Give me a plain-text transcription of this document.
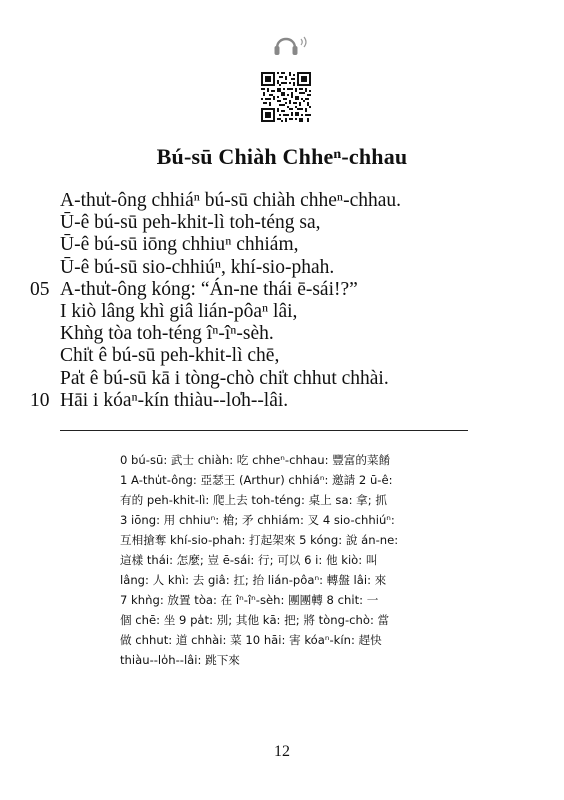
Bú-sū Chiàh Chheⁿ-chhau
A-thu̍t-ông chhiáⁿ bú-sū chiàh chheⁿ-chhau.
Ū-ê bú-sū peh-khit-lì toh-téng sa,
Ū-ê bú-sū iōng chhiuⁿ chhiám,
Ū-ê bú-sū sio-chhiúⁿ, khí-sio-phah.
05 A-thu̍t-ông kóng: “Án-ne thái ē-sái!?”
I kiò lâng khì giâ lián-pôaⁿ lâi,
Khǹg tòa toh-téng îⁿ-îⁿ-sèh.
Chi̍t ê bú-sū peh-khit-lì chē,
Pa̍t ê bú-sū kā i tòng-chò chi̍t chhut chhài.
10 Hāi i kóaⁿ-kín thiàu--lo̍h--lâi.
0 bú-sū: 武士 chiàh: 吃 chheⁿ-chhau: 豐富的菜餚
1 A-thu̍t-ông: 亞瑟王 (Arthur) chhiáⁿ: 邀請 2 ū-ê:
有的 peh-khit-lì: 爬上去 toh-téng: 桌上 sa: 拿; 抓
3 iōng: 用 chhiuⁿ: 槍; 矛 chhiám: 叉 4 sio-chhiúⁿ:
互相搶奪 khí-sio-phah: 打起架來 5 kóng: 說 án-ne:
這樣 thái: 怎麼; 豈 ē-sái: 行; 可以 6 i: 他 kiò: 叫
lâng: 人 khì: 去 giâ: 扛; 抬 lián-pôaⁿ: 轉盤 lâi: 來
7 khǹg: 放置 tòa: 在 îⁿ-îⁿ-sèh: 團團轉 8 chi̍t: 一
個 chē: 坐 9 pa̍t: 別; 其他 kā: 把; 將 tòng-chò: 當
做 chhut: 道 chhài: 菜 10 hāi: 害 kóaⁿ-kín: 趕快
thiàu--lo̍h--lâi: 跳下來
12
